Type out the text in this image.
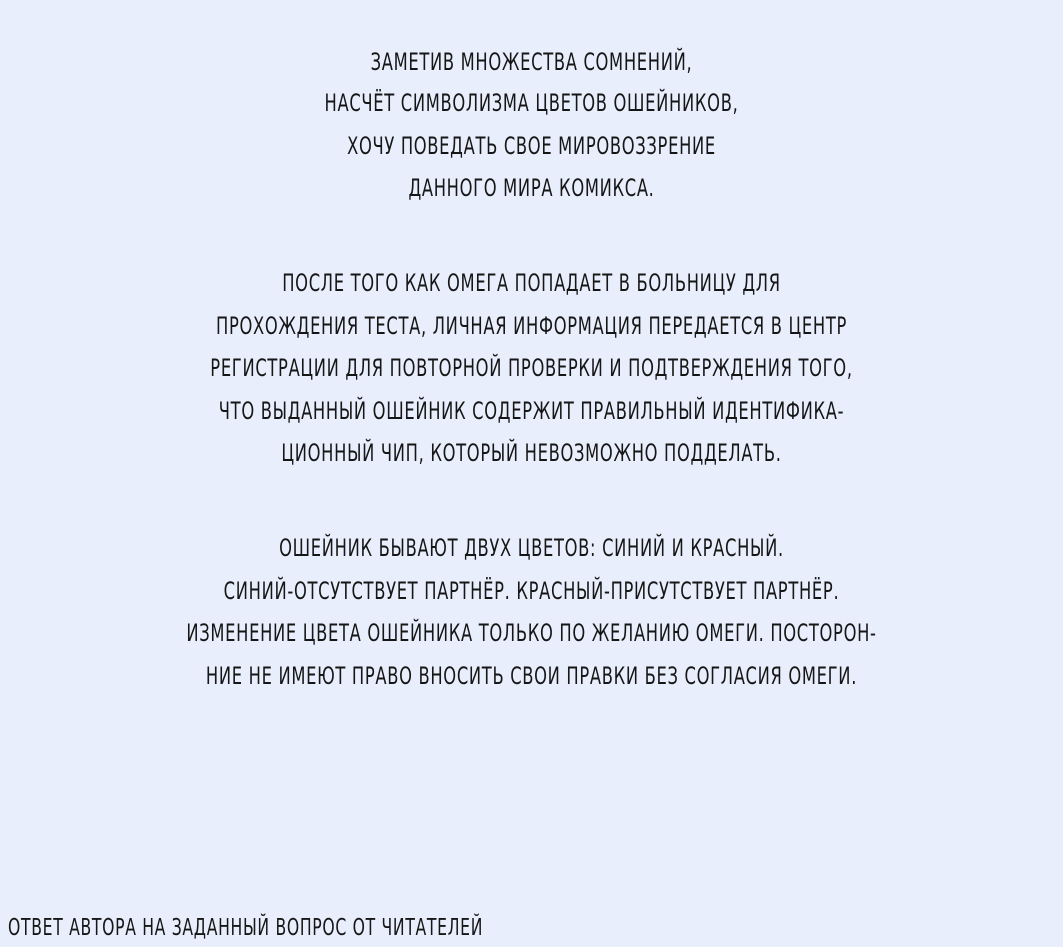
ЗАМЕТИВ МНОЖЕСТВА СОМНЕНИЙ,
НАСЧЁТ СИМВОЛИЗМА ЦВЕТОВ ОШЕЙНИКОВ,
ХОЧУ ПОВЕДАТЬ СВОЕ МИРОВОЗЗРЕНИЕ
ДАННОГО МИРА КОМИКСА.
ПОСЛЕ ТОГО КАК ОМЕГА ПОПАДАЕТ В БОЛЬНИЦУ ДЛЯ
ПРОХОЖДЕНИЯ ТЕСТА, ЛИЧНАЯ ИНФОРМАЦИЯ ПЕРЕДАЕТСЯ В ЦЕНТР
РЕГИСТРАЦИИ ДЛЯ ПОВТОРНОЙ ПРОВЕРКИ И ПОДТВЕРЖДЕНИЯ ТОГО,
ЧТО ВЫДАННЫЙ ОШЕЙНИК СОДЕРЖИТ ПРАВИЛЬНЫЙ ИДЕНТИФИКА-
ЦИОННЫЙ ЧИП, КОТОРЫЙ НЕВОЗМОЖНО ПОДДЕЛАТЬ.
ОШЕЙНИК БЫВАЮТ ДВУХ ЦВЕТОВ: СИНИЙ И КРАСНЫЙ.
СИНИЙ-ОТСУТСТВУЕТ ПАРТНЁР. КРАСНЫЙ-ПРИСУТСТВУЕТ ПАРТНЁР.
ИЗМЕНЕНИЕ ЦВЕТА ОШЕЙНИКА ТОЛЬКО ПО ЖЕЛАНИЮ ОМЕГИ. ПОСТОРОН-
НИЕ НЕ ИМЕЮТ ПРАВО ВНОСИТЬ СВОИ ПРАВКИ БЕЗ СОГЛАСИЯ ОМЕГИ.
ОТВЕТ АВТОРА НА ЗАДАННЫЙ ВОПРОС ОТ ЧИТАТЕЛЕЙ
